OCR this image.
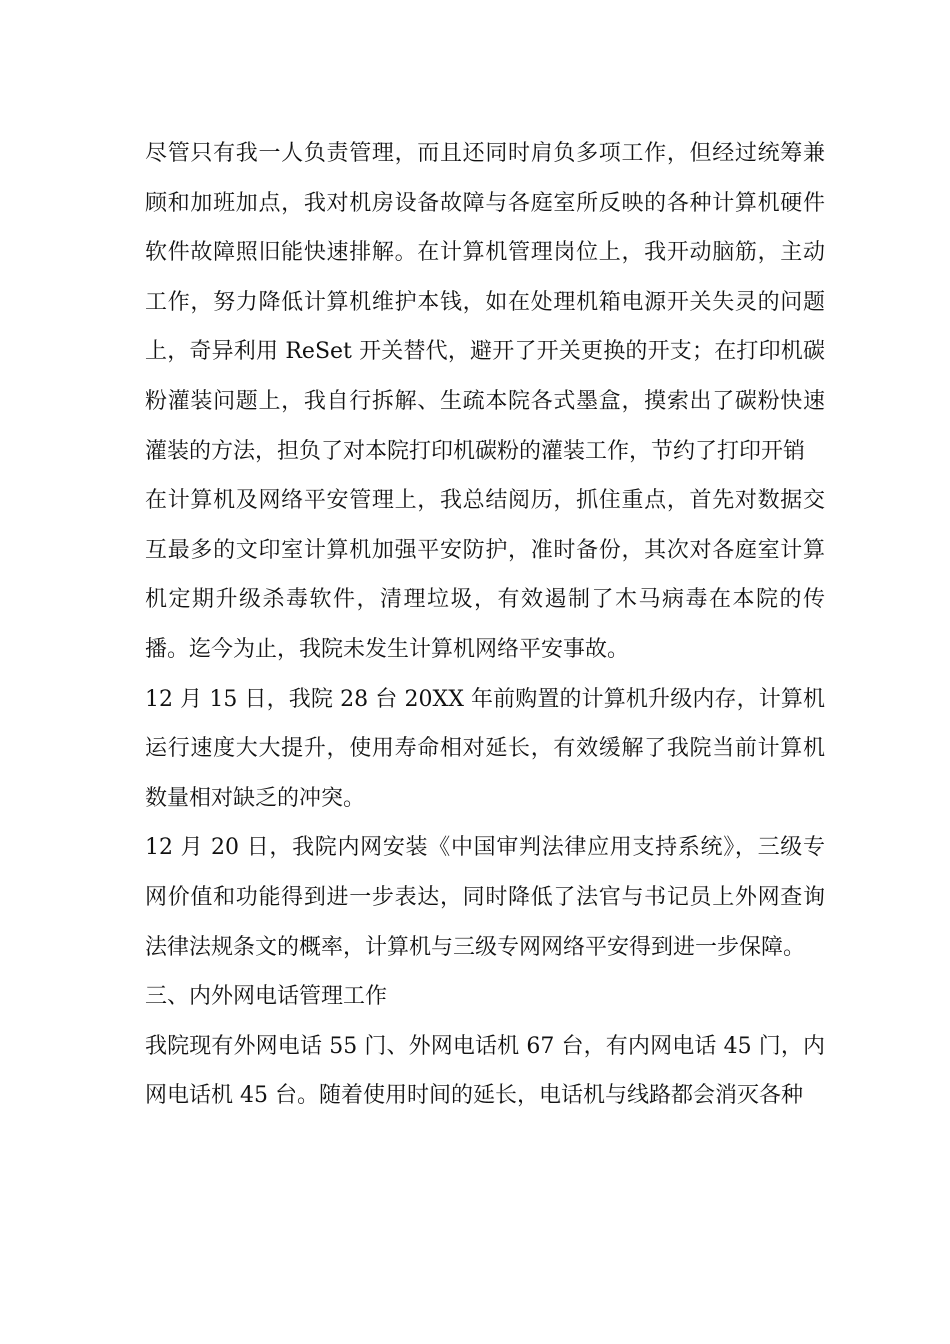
尽管只有我一人负责管理，而且还同时肩负多项工作，但经过统筹兼顾和加班加点，我对机房设备故障与各庭室所反映的各种计算机硬件软件故障照旧能快速排解。在计算机管理岗位上，我开动脑筋，主动工作，努力降低计算机维护本钱，如在处理机箱电源开关失灵的问题上，奇异利用 ReSet 开关替代，避开了开关更换的开支；在打印机碳粉灌装问题上，我自行拆解、生疏本院各式墨盒，摸索出了碳粉快速灌装的方法，担负了对本院打印机碳粉的灌装工作，节约了打印开销

在计算机及网络平安管理上，我总结阅历，抓住重点，首先对数据交互最多的文印室计算机加强平安防护，准时备份，其次对各庭室计算机定期升级杀毒软件，清理垃圾，有效遏制了木马病毒在本院的传播。迄今为止，我院未发生计算机网络平安事故。

12 月 15 日，我院 28 台 20XX 年前购置的计算机升级内存，计算机运行速度大大提升，使用寿命相对延长，有效缓解了我院当前计算机数量相对缺乏的冲突。

12 月 20 日，我院内网安装《中国审判法律应用支持系统》，三级专网价值和功能得到进一步表达，同时降低了法官与书记员上外网查询法律法规条文的概率，计算机与三级专网网络平安得到进一步保障。

三、内外网电话管理工作

我院现有外网电话 55 门、外网电话机 67 台，有内网电话 45 门，内网电话机 45 台。随着使用时间的延长，电话机与线路都会消灭各种
